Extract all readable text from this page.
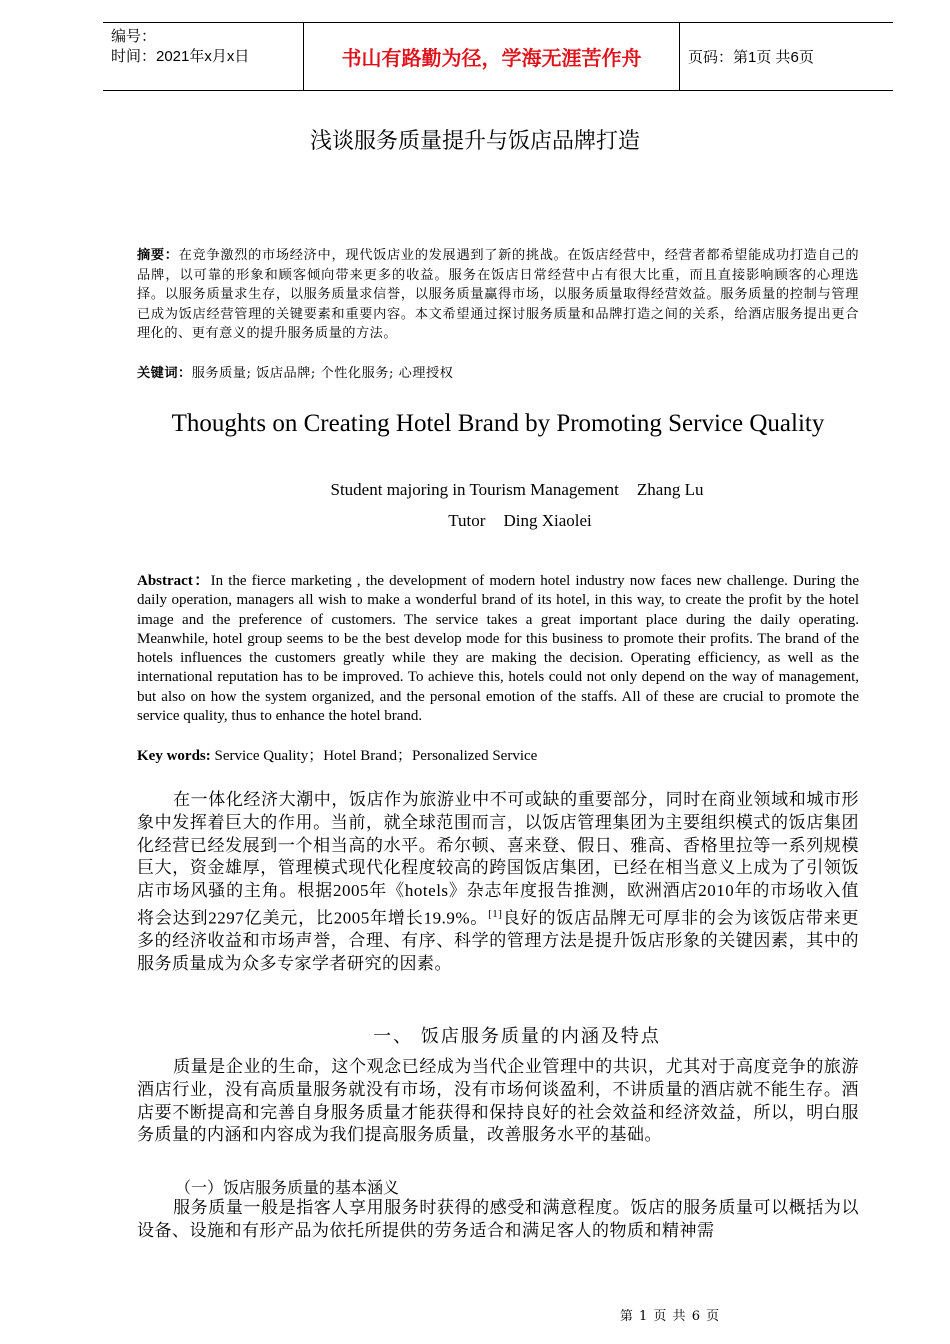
编号：
时间：2021年x月x日	书山有路勤为径，学海无涯苦作舟	页码：第1页 共6页
浅谈服务质量提升与饭店品牌打造
摘要：在竞争激烈的市场经济中，现代饭店业的发展遇到了新的挑战。在饭店经营中，经营者都希望能成功打造自己的品牌，以可靠的形象和顾客倾向带来更多的收益。服务在饭店日常经营中占有很大比重，而且直接影响顾客的心理选择。以服务质量求生存，以服务质量求信誉，以服务质量赢得市场，以服务质量取得经营效益。服务质量的控制与管理已成为饭店经营管理的关键要素和重要内容。本文希望通过探讨服务质量和品牌打造之间的关系，给酒店服务提出更合理化的、更有意义的提升服务质量的方法。
关键词：服务质量; 饭店品牌; 个性化服务; 心理授权
Thoughts on Creating Hotel Brand by Promoting Service Quality
Student majoring in Tourism Management Zhang Lu
Tutor Ding Xiaolei
Abstract：In the fierce marketing , the development of modern hotel industry now faces new challenge. During the daily operation, managers all wish to make a wonderful brand of its hotel, in this way, to create the profit by the hotel image and the preference of customers. The service takes a great important place during the daily operating. Meanwhile, hotel group seems to be the best develop mode for this business to promote their profits. The brand of the hotels influences the customers greatly while they are making the decision. Operating efficiency, as well as the international reputation has to be improved. To achieve this, hotels could not only depend on the way of management, but also on how the system organized, and the personal emotion of the staffs. All of these are crucial to promote the service quality, thus to enhance the hotel brand.
Key words: Service Quality；Hotel Brand；Personalized Service
在一体化经济大潮中，饭店作为旅游业中不可或缺的重要部分，同时在商业领域和城市形象中发挥着巨大的作用。当前，就全球范围而言，以饭店管理集团为主要组织模式的饭店集团化经营已经发展到一个相当高的水平。希尔顿、喜来登、假日、雅高、香格里拉等一系列规模巨大，资金雄厚，管理模式现代化程度较高的跨国饭店集团，已经在相当意义上成为了引领饭店市场风骚的主角。根据2005年《hotels》杂志年度报告推测，欧洲酒店2010年的市场收入值将会达到2297亿美元，比2005年增长19.9%。[1]良好的饭店品牌无可厚非的会为该饭店带来更多的经济收益和市场声誉，合理、有序、科学的管理方法是提升饭店形象的关键因素，其中的服务质量成为众多专家学者研究的因素。
一、 饭店服务质量的内涵及特点
质量是企业的生命，这个观念已经成为当代企业管理中的共识，尤其对于高度竞争的旅游酒店行业，没有高质量服务就没有市场，没有市场何谈盈利，不讲质量的酒店就不能生存。酒店要不断提高和完善自身服务质量才能获得和保持良好的社会效益和经济效益，所以，明白服务质量的内涵和内容成为我们提高服务质量，改善服务水平的基础。
（一）饭店服务质量的基本涵义
服务质量一般是指客人享用服务时获得的感受和满意程度。饭店的服务质量可以概括为以设备、设施和有形产品为依托所提供的劳务适合和满足客人的物质和精神需
第 1 页 共 6 页
